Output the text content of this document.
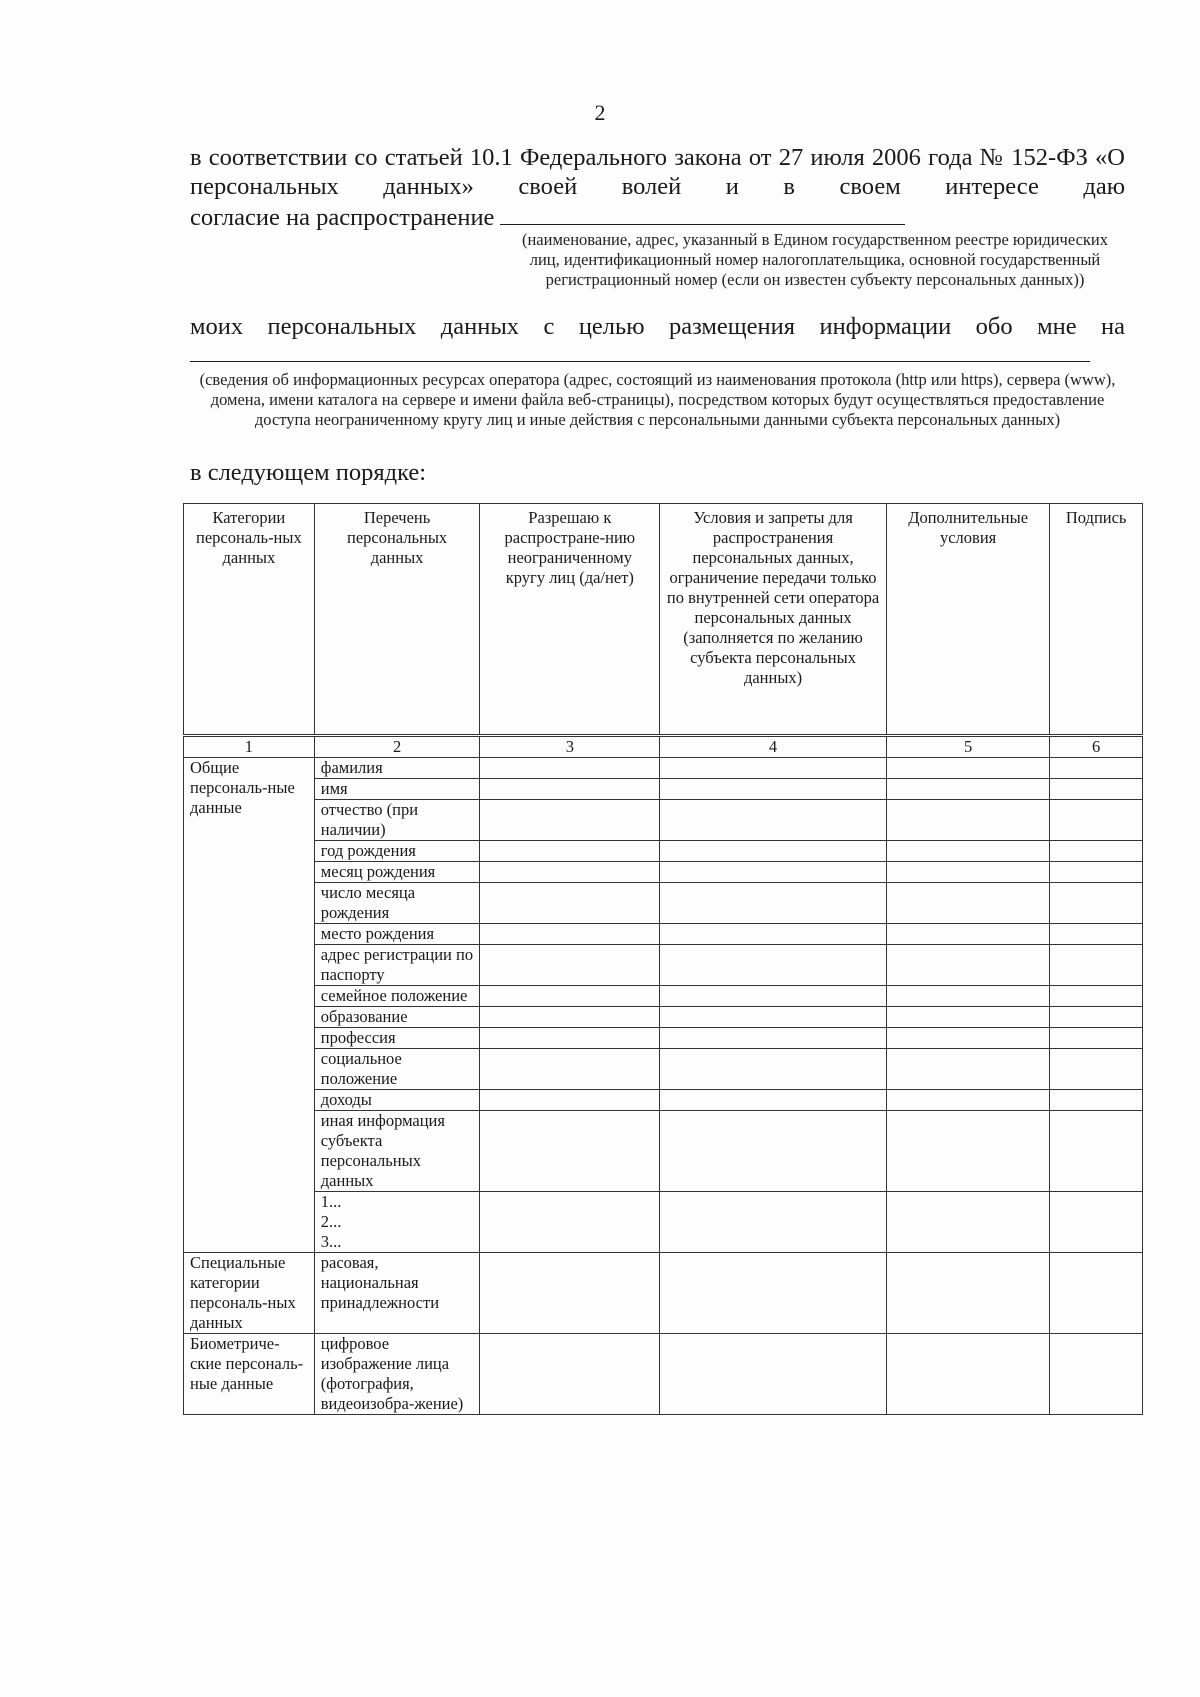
2
в соответствии со статьей 10.1 Федерального закона от 27 июля 2006 года № 152-ФЗ «О персональных данных» своей волей и в своем интересе даю
согласие на распространение
(наименование, адрес, указанный в Едином государственном реестре юридических лиц, идентификационный номер налогоплательщика, основной государственный регистрационный номер (если он известен субъекту персональных данных))
моих персональных данных с целью размещения информации обо мне на
(сведения об информационных ресурсах оператора (адрес, состоящий из наименования протокола (http или https), сервера (www), домена, имени каталога на сервере и имени файла веб-страницы), посредством которых будут осуществляться предоставление доступа неограниченному кругу лиц и иные действия с персональными данными субъекта персональных данных)
в следующем порядке:
Категории персональ-ных данных	Перечень персональных данных	Разрешаю к распростране-нию неограниченному кругу лиц (да/нет)	Условия и запреты для распространения персональных данных, ограничение передачи только по внутренней сети оператора персональных данных (заполняется по желанию субъекта персональных данных)	Дополнительные условия	Подпись
1	2	3	4	5	6
Общие персональ-ные данные	фамилия				
	имя				
	отчество (при наличии)				
	год рождения				
	месяц рождения				
	число месяца рождения				
	место рождения				
	адрес регистрации по паспорту				
	семейное положение				
	образование				
	профессия				
	социальное положение				
	доходы				
	иная информация субъекта персональных данных				

	1...
2...
3...				

Специальные категории персональ-ных данных	расовая, национальная принадлежности				
Биометриче-ские персональ-ные данные	цифровое изображение лица (фотография, видеоизобра-жение)				
